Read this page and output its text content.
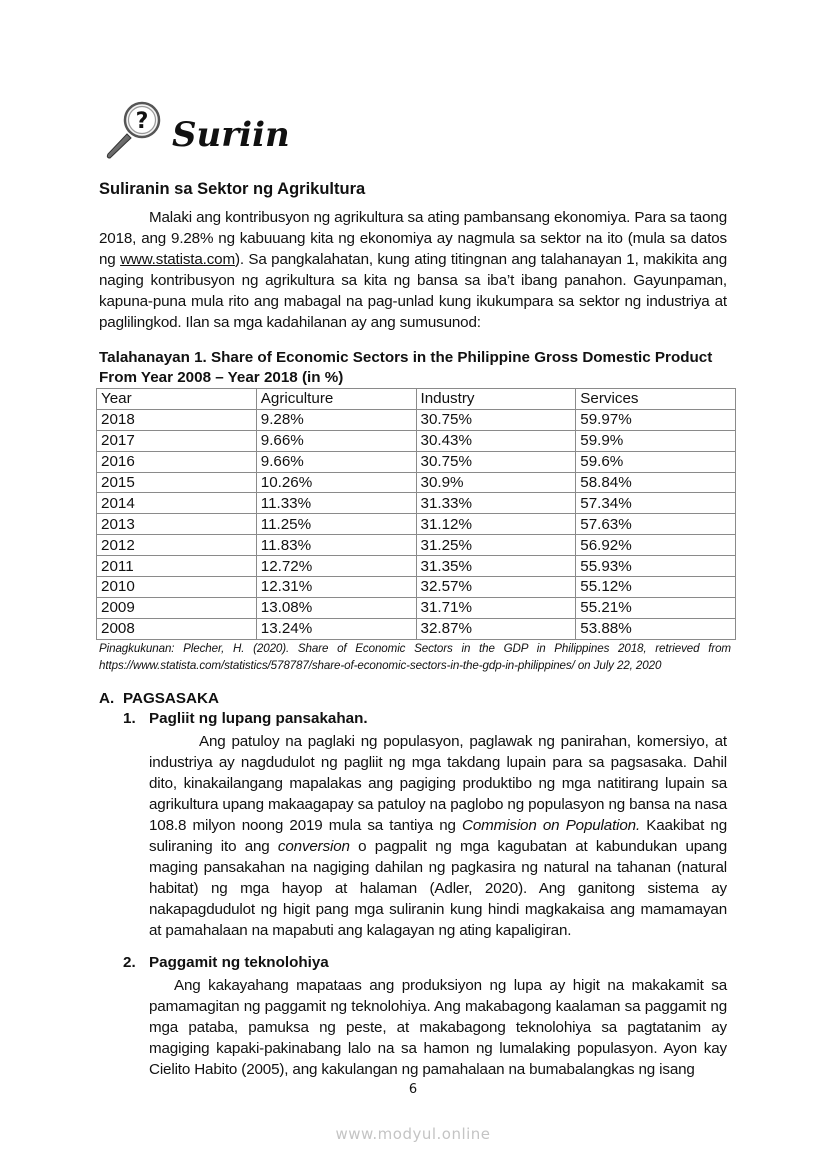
? Suriin
Suliranin sa Sektor ng Agrikultura
Malaki ang kontribusyon ng agrikultura sa ating pambansang ekonomiya. Para sa taong 2018, ang 9.28% ng kabuuang kita ng ekonomiya ay nagmula sa sektor na ito (mula sa datos ng www.statista.com). Sa pangkalahatan, kung ating titingnan ang talahanayan 1, makikita ang naging kontribusyon ng agrikultura sa kita ng bansa sa iba’t ibang panahon. Gayunpaman, kapuna-puna mula rito ang mabagal na pag-unlad kung ikukumpara sa sektor ng industriya at paglilingkod. Ilan sa mga kadahilanan ay ang sumusunod:
Talahanayan 1. Share of Economic Sectors in the Philippine Gross Domestic Product
From Year 2008 – Year 2018 (in %)
Year	Agriculture	Industry	Services
2018	9.28%	30.75%	59.97%
2017	9.66%	30.43%	59.9%
2016	9.66%	30.75%	59.6%
2015	10.26%	30.9%	58.84%
2014	11.33%	31.33%	57.34%
2013	11.25%	31.12%	57.63%
2012	11.83%	31.25%	56.92%
2011	12.72%	31.35%	55.93%
2010	12.31%	32.57%	55.12%
2009	13.08%	31.71%	55.21%
2008	13.24%	32.87%	53.88%
Pinagkukunan: Plecher, H. (2020). Share of Economic Sectors in the GDP in Philippines 2018, retrieved from https://www.statista.com/statistics/578787/share-of-economic-sectors-in-the-gdp-in-philippines/ on July 22, 2020
A. PAGSASAKA
1. Pagliit ng lupang pansakahan.
Ang patuloy na paglaki ng populasyon, paglawak ng panirahan, komersiyo, at industriya ay nagdudulot ng pagliit ng mga takdang lupain para sa pagsasaka. Dahil dito, kinakailangang mapalakas ang pagiging produktibo ng mga natitirang lupain sa agrikultura upang makaagapay sa patuloy na paglobo ng populasyon ng bansa na nasa 108.8 milyon noong 2019 mula sa tantiya ng Commision on Population. Kaakibat ng suliraning ito ang conversion o pagpalit ng mga kagubatan at kabundukan upang maging pansakahan na nagiging dahilan ng pagkasira ng natural na tahanan (natural habitat) ng mga hayop at halaman (Adler, 2020). Ang ganitong sistema ay nakapagdudulot ng higit pang mga suliranin kung hindi magkakaisa ang mamamayan at pamahalaan na mapabuti ang kalagayan ng ating kapaligiran.
2. Paggamit ng teknolohiya
Ang kakayahang mapataas ang produksiyon ng lupa ay higit na makakamit sa pamamagitan ng paggamit ng teknolohiya. Ang makabagong kaalaman sa paggamit ng mga pataba, pamuksa ng peste, at makabagong teknolohiya sa pagtatanim ay magiging kapaki-pakinabang lalo na sa hamon ng lumalaking populasyon. Ayon kay Cielito Habito (2005), ang kakulangan ng pamahalaan na bumabalangkas ng isang
6
www.modyul.online
